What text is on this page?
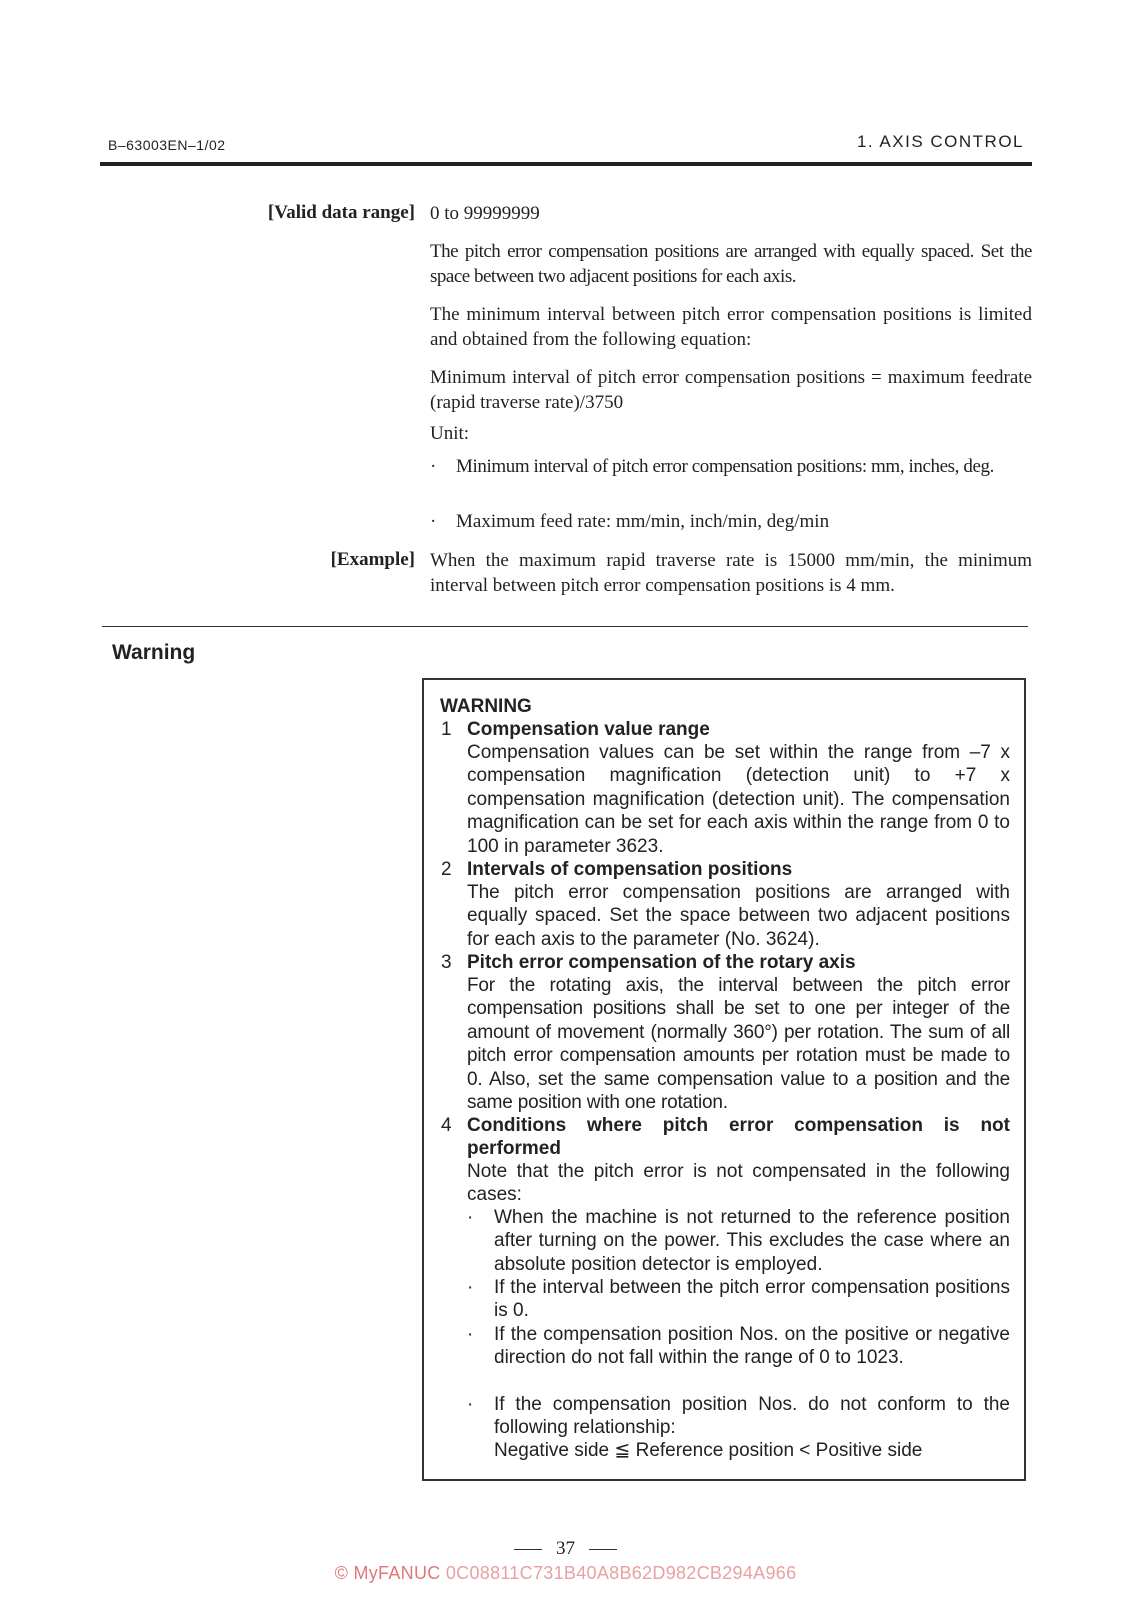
B–63003EN–1/02	1. AXIS CONTROL
[Valid data range] 0 to 99999999
The pitch error compensation positions are arranged with equally spaced. Set the space between two adjacent positions for each axis.
The minimum interval between pitch error compensation positions is limited and obtained from the following equation:
Minimum interval of pitch error compensation positions = maximum feedrate (rapid traverse rate)/3750
Unit:
· Minimum interval of pitch error compensation positions: mm, inches, deg.
· Maximum feed rate: mm/min, inch/min, deg/min
[Example] When the maximum rapid traverse rate is 15000 mm/min, the minimum interval between pitch error compensation positions is 4 mm.
Warning
WARNING
1 Compensation value range
Compensation values can be set within the range from –7 x compensation magnification (detection unit) to +7 x compensation magnification (detection unit). The compensation magnification can be set for each axis within the range from 0 to 100 in parameter 3623.
2 Intervals of compensation positions
The pitch error compensation positions are arranged with equally spaced. Set the space between two adjacent positions for each axis to the parameter (No. 3624).
3 Pitch error compensation of the rotary axis
For the rotating axis, the interval between the pitch error compensation positions shall be set to one per integer of the amount of movement (normally 360°) per rotation. The sum of all pitch error compensation amounts per rotation must be made to 0. Also, set the same compensation value to a position and the same position with one rotation.
4 Conditions where pitch error compensation is not performed
Note that the pitch error is not compensated in the following cases:
· When the machine is not returned to the reference position after turning on the power. This excludes the case where an absolute position detector is employed.
· If the interval between the pitch error compensation positions is 0.
· If the compensation position Nos. on the positive or negative direction do not fall within the range of 0 to 1023.
· If the compensation position Nos. do not conform to the following relationship:
Negative side ≦ Reference position < Positive side
37
© MyFANUC 0C08811C731B40A8B62D982CB294A966
